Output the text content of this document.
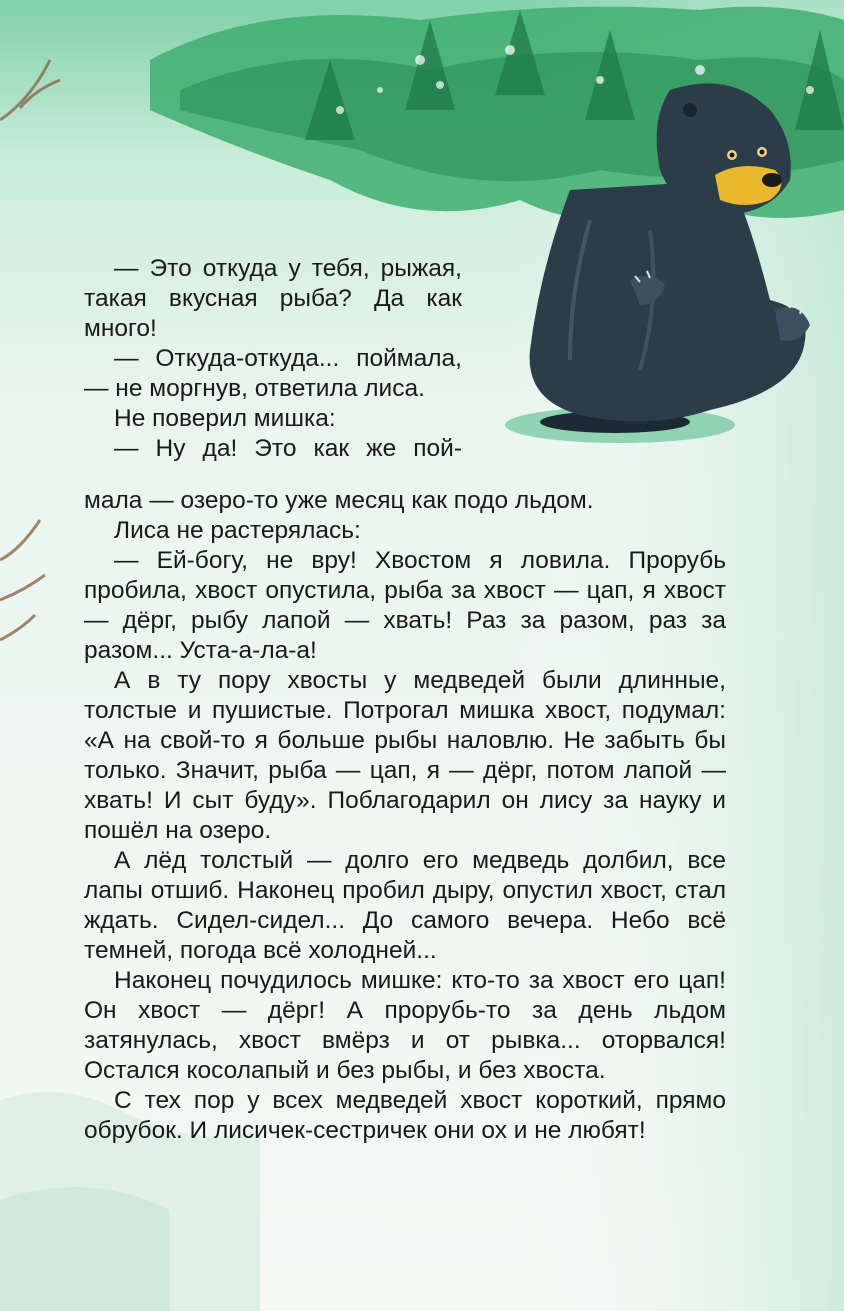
— Это откуда у тебя, рыжая, такая вкусная рыба? Да как много!

— Откуда-откуда... поймала, — не моргнув, ответила лиса.

Не поверил мишка:

— Ну да! Это как же пой-

мала — озеро-то уже месяц как подо льдом.

Лиса не растерялась:

— Ей-богу, не вру! Хвостом я ловила. Прорубь пробила, хвост опустила, рыба за хвост — цап, я хвост — дёрг, рыбу лапой — хвать! Раз за разом, раз за разом... Уста-а-ла-а!

А в ту пору хвосты у медведей были длинные, толстые и пушистые. Потрогал мишка хвост, подумал: «А на свой-то я больше рыбы наловлю. Не забыть бы только. Значит, рыба — цап, я — дёрг, потом лапой — хвать! И сыт буду». Поблагодарил он лису за науку и пошёл на озеро.

А лёд толстый — долго его медведь долбил, все лапы отшиб. Наконец пробил дыру, опустил хвост, стал ждать. Сидел-сидел... До самого вечера. Небо всё темней, погода всё холодней...

Наконец почудилось мишке: кто-то за хвост его цап! Он хвост — дёрг! А прорубь-то за день льдом затянулась, хвост вмёрз и от рывка... оторвался! Остался косолапый и без рыбы, и без хвоста.

С тех пор у всех медведей хвост короткий, прямо обрубок. И лисичек-сестричек они ох и не любят!
